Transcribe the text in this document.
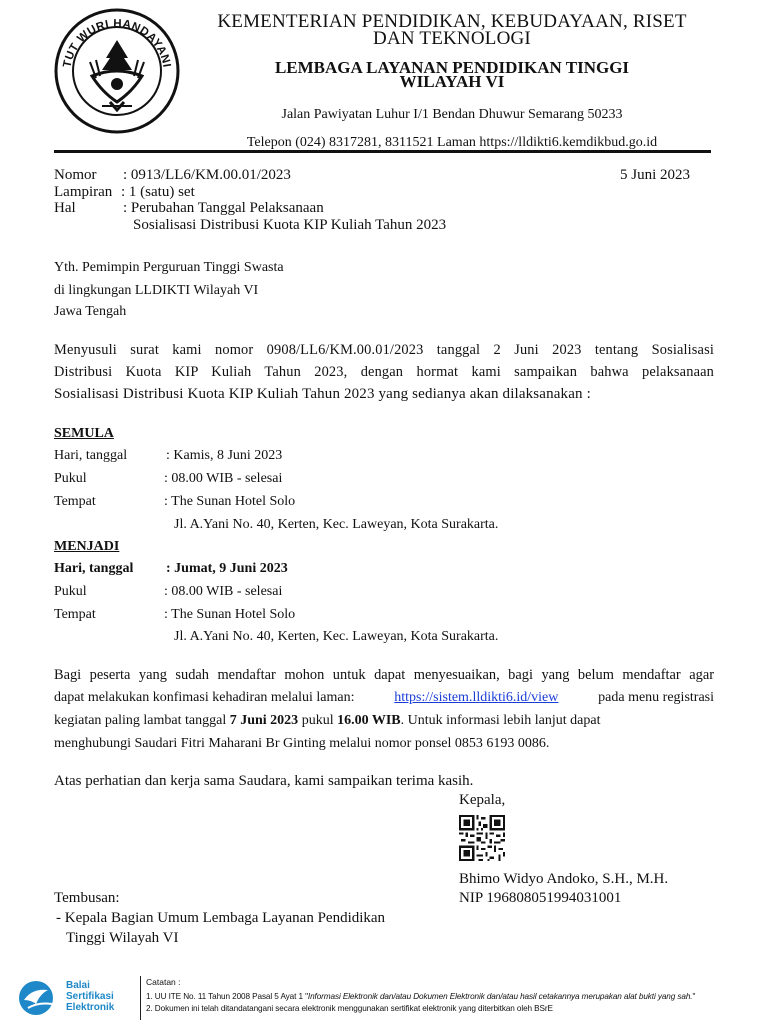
TUT WURI HANDAYANI
KEMENTERIAN PENDIDIKAN, KEBUDAYAAN, RISET
DAN TEKNOLOGI
LEMBAGA LAYANAN PENDIDIKAN TINGGI
WILAYAH VI
Jalan Pawiyatan Luhur I/1 Bendan Dhuwur Semarang 50233
Telepon (024) 8317281, 8311521 Laman https://lldikti6.kemdikbud.go.id
Nomor : 0913/LL6/KM.00.01/2023	5 Juni 2023
Lampiran : 1 (satu) set
Hal	: Perubahan Tanggal Pelaksanaan
Sosialisasi Distribusi Kuota KIP Kuliah Tahun 2023
Yth. Pemimpin Perguruan Tinggi Swasta
di lingkungan LLDIKTI Wilayah VI
Jawa Tengah
Menyusuli surat kami nomor 0908/LL6/KM.00.01/2023 tanggal 2 Juni 2023 tentang Sosialisasi
Distribusi Kuota KIP Kuliah Tahun 2023, dengan hormat kami sampaikan bahwa pelaksanaan
Sosialisasi Distribusi Kuota KIP Kuliah Tahun 2023 yang sedianya akan dilaksanakan :
SEMULA
Hari, tanggal	: Kamis, 8 Juni 2023
Pukul	: 08.00 WIB - selesai
Tempat	: The Sunan Hotel Solo
Jl. A.Yani No. 40, Kerten, Kec. Laweyan, Kota Surakarta.
MENJADI
Hari, tanggal : Jumat, 9 Juni 2023
Pukul	: 08.00 WIB - selesai
Tempat	: The Sunan Hotel Solo
Jl. A.Yani No. 40, Kerten, Kec. Laweyan, Kota Surakarta.
Bagi peserta yang sudah mendaftar mohon untuk dapat menyesuaikan, bagi yang belum mendaftar agar
dapat melakukan konfimasi kehadiran melalui laman:	https://sistem.lldikti6.id/view	pada menu registrasi
kegiatan paling lambat tanggal 7 Juni 2023 pukul 16.00 WIB. Untuk informasi lebih lanjut dapat
menghubungi Saudari Fitri Maharani Br Ginting melalui nomor ponsel 0853 6193 0086.
Atas perhatian dan kerja sama Saudara, kami sampaikan terima kasih.
Kepala,
Bhimo Widyo Andoko, S.H., M.H.
NIP 196808051994031001
Tembusan:
- Kepala Bagian Umum Lembaga Layanan Pendidikan
Tinggi Wilayah VI
Balai
Sertifikasi
Elektronik
Catatan :
1. UU ITE No. 11 Tahun 2008 Pasal 5 Ayat 1 "Informasi Elektronik dan/atau Dokumen Elektronik dan/atau hasil cetakannya merupakan alat bukti yang sah."
2. Dokumen ini telah ditandatangani secara elektronik menggunakan sertifikat elektronik yang diterbitkan oleh BSrE
